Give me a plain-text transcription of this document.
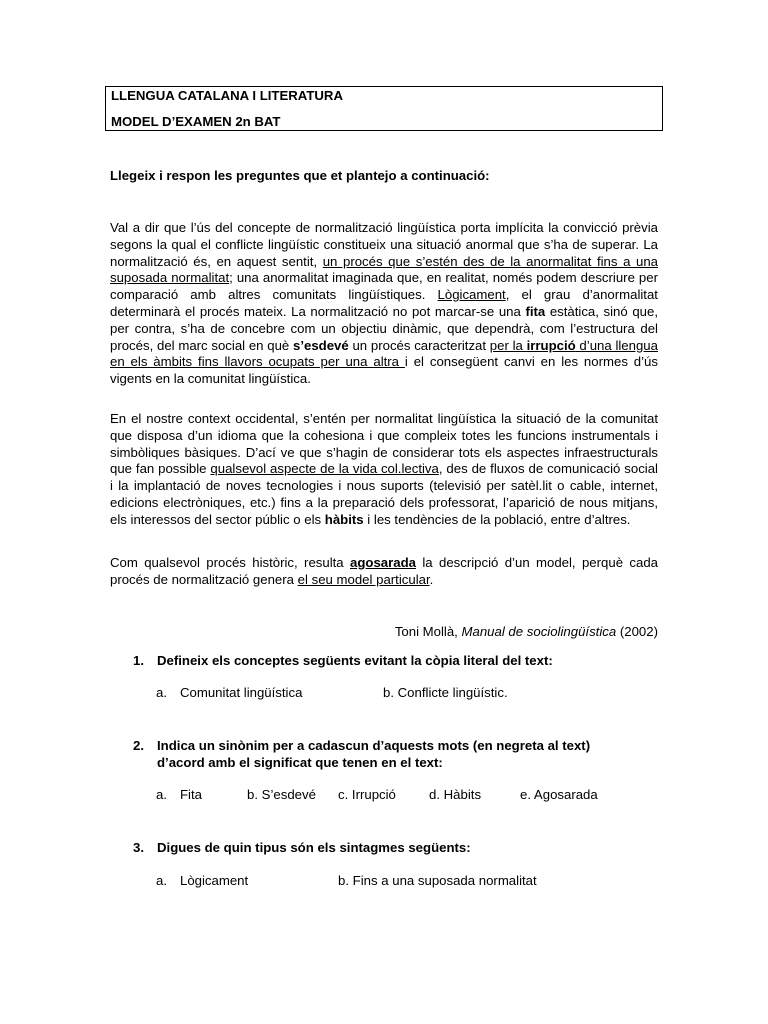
LLENGUA CATALANA I LITERATURA
MODEL D’EXAMEN 2n BAT
Llegeix i respon les preguntes que et plantejo a continuació:
Val a dir que l’ús del concepte de normalització lingüística porta implícita la convicció prèvia segons la qual el conflicte lingüístic constitueix una situació anormal que s’ha de superar. La normalització és, en aquest sentit, un procés que s’estén des de la anormalitat fins a una suposada normalitat; una anormalitat imaginada que, en realitat, només podem descriure per comparació amb altres comunitats lingüístiques. Lògicament, el grau d’anormalitat determinarà el procés mateix. La normalització no pot marcar-se una fita estàtica, sinó que, per contra, s’ha de concebre com un objectiu dinàmic, que dependrà, com l’estructura del procés, del marc social en què s’esdevé un procés caracteritzat per la irrupció d’una llengua en els àmbits fins llavors ocupats per una altra i el consegüent canvi en les normes d’ús vigents en la comunitat lingüística.
En el nostre context occidental, s’entén per normalitat lingüística la situació de la comunitat que disposa d’un idioma que la cohesiona i que compleix totes les funcions instrumentals i simbòliques bàsiques. D’ací ve que s’hagin de considerar tots els aspectes infraestructurals que fan possible qualsevol aspecte de la vida col.lectiva, des de fluxos de comunicació social i la implantació de noves tecnologies i nous suports (televisió per satèl.lit o cable, internet, edicions electròniques, etc.) fins a la preparació dels professorat, l’aparició de nous mitjans, els interessos del sector públic o els hàbits i les tendències de la població, entre d’altres.
Com qualsevol procés històric, resulta agosarada la descripció d’un model, perquè cada procés de normalització genera el seu model particular.
Toni Mollà, Manual de sociolingüística (2002)
1. Defineix els conceptes següents evitant la còpia literal del text:
a. Comunitat lingüística	b. Conflicte lingüístic.
2. Indica un sinònim per a cadascun d’aquests mots (en negreta al text) d’acord amb el significat que tenen en el text:
a. Fita	b. S’esdevé c. Irrupció	d. Hàbits	e. Agosarada
3. Digues de quin tipus són els sintagmes següents:
a. Lògicament	b. Fins a una suposada normalitat
